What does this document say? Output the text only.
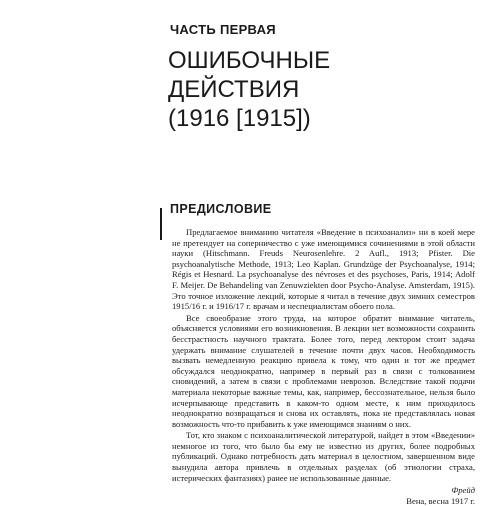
ЧАСТЬ ПЕРВАЯ
ОШИБОЧНЫЕ
ДЕЙСТВИЯ
(1916 [1915])
ПРЕДИСЛОВИЕ

Предлагаемое вниманию читателя «Введение в психоанализ» ни в коей мере не претендует на соперничество с уже имеющимися сочинениями в этой области науки (Hitschmann. Freuds Neurosenlehre. 2 Aufl., 1913; Pfister. Die psychoanalytische Methode, 1913; Leo Kaplan. Grundzüge der Psychoanalyse, 1914; Régis et Hesnard. La psychoanalyse des névroses et des psychoses, Paris, 1914; Adolf F. Meijer. De Behandeling van Zenuwziekten door Psycho-Analyse. Amsterdam, 1915). Это точное изложение лекций, которые я читал в течение двух зимних семестров 1915/16 г. и 1916/17 г. врачам и неспециалистам обоего пола.

Все своеобразие этого труда, на которое обратит внимание читатель, объясняется условиями его возникновения. В лекции нет возможности сохранить бесстрастность научного трактата. Более того, перед лектором стоит задача удержать внимание слушателей в течение почти двух часов. Необходимость вызвать немедленную реакцию привела к тому, что один и тот же предмет обсуждался неоднократно, например в первый раз в связи с толкованием сновидений, а затем в связи с проблемами неврозов. Вследствие такой подачи материала некоторые важные темы, как, например, бессознательное, нельзя было исчерпывающе представить в каком-то одном месте, к ним приходилось неоднократно возвращаться и снова их оставлять, пока не представлялась новая возможность что-то прибавить к уже имеющимся знаниям о них.

Тот, кто знаком с психоаналитической литературой, найдет в этом «Введении» немногое из того, что было бы ему не известно из других, более подробных публикаций. Однако потребность дать материал в целостном, завершенном виде вынудила автора привлечь в отдельных разделах (об этиологии страха, истерических фантазиях) ранее не использованные данные.

Фрейд

Вена, весна 1917 г.
